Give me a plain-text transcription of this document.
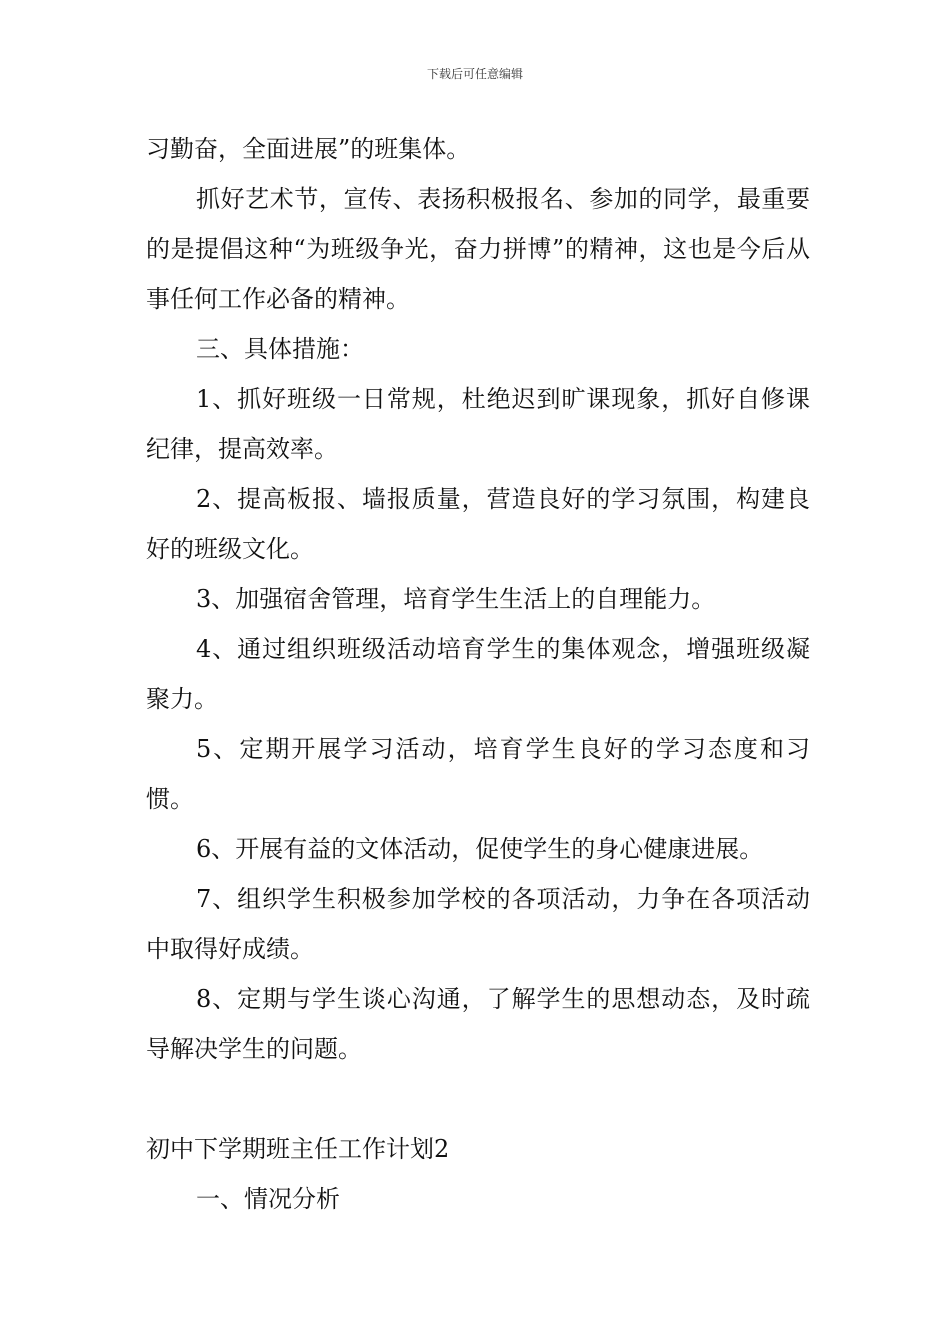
下载后可任意编辑

习勤奋，全面进展”的班集体。

抓好艺术节，宣传、表扬积极报名、参加的同学，最重要的是提倡这种“为班级争光，奋力拼博”的精神，这也是今后从事任何工作必备的精神。

三、具体措施：

1、抓好班级一日常规，杜绝迟到旷课现象，抓好自修课纪律，提高效率。

2、提高板报、墙报质量，营造良好的学习氛围，构建良好的班级文化。

3、加强宿舍管理，培育学生生活上的自理能力。

4、通过组织班级活动培育学生的集体观念，增强班级凝聚力。

5、定期开展学习活动，培育学生良好的学习态度和习惯。

6、开展有益的文体活动，促使学生的身心健康进展。

7、组织学生积极参加学校的各项活动，力争在各项活动中取得好成绩。

8、定期与学生谈心沟通，了解学生的思想动态，及时疏导解决学生的问题。

初中下学期班主任工作计划2

一、情况分析
